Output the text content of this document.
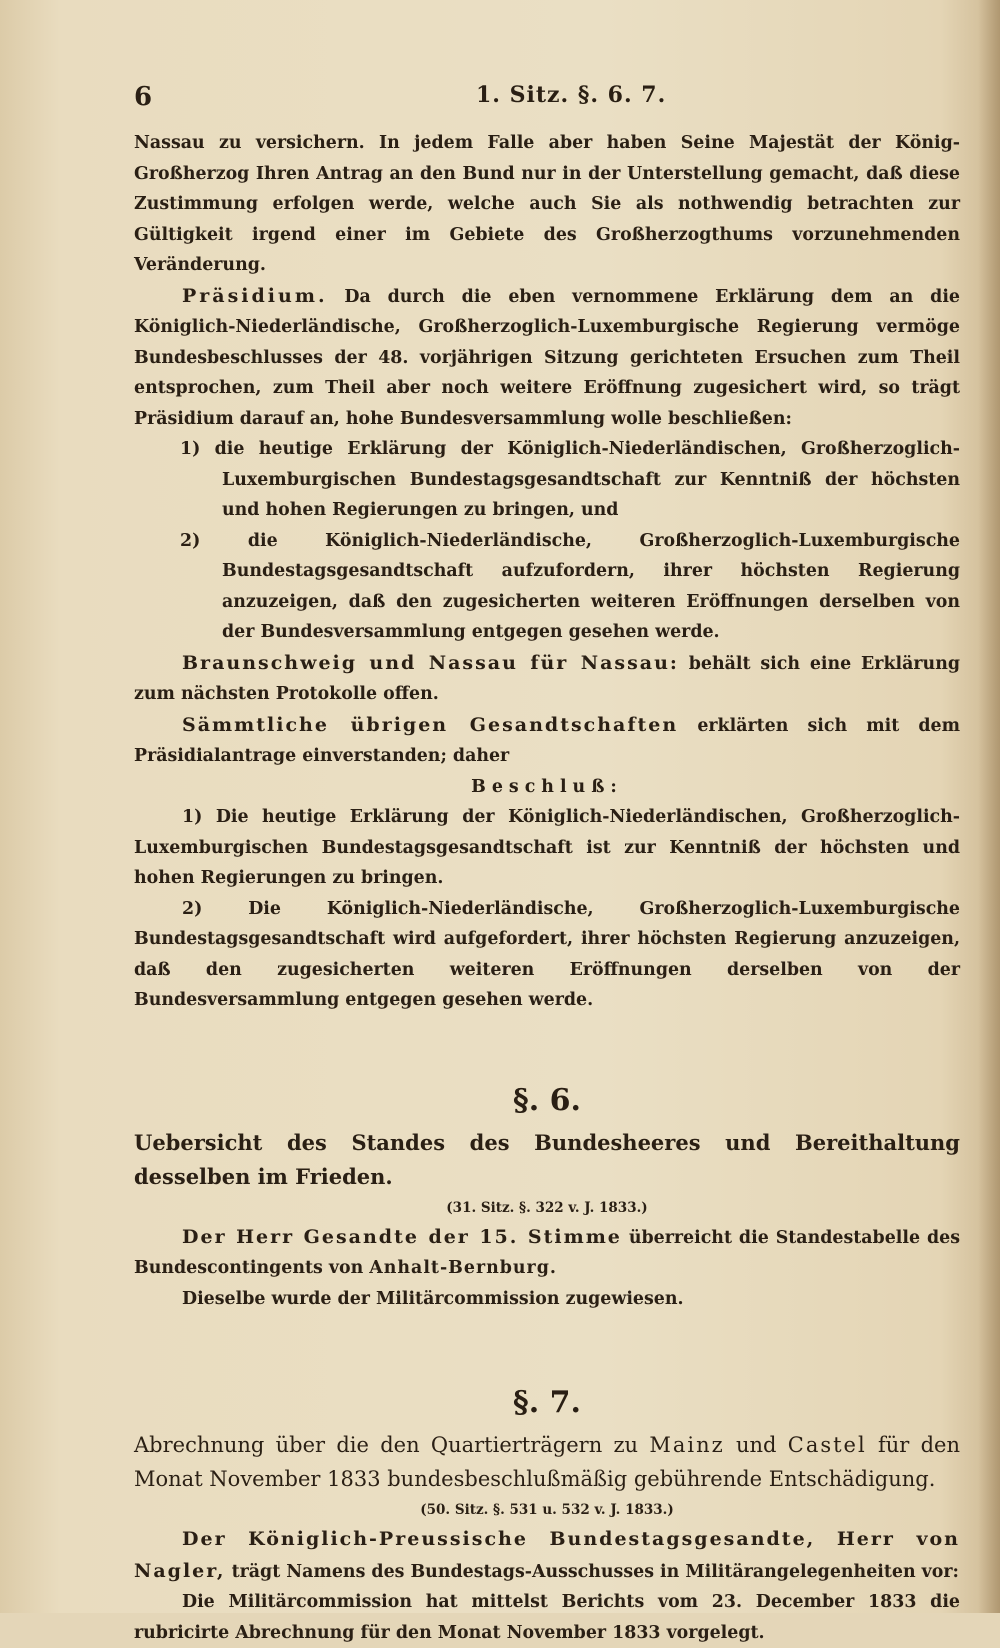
6	1. Sitz. §. 6. 7.

Nassau zu versichern. In jedem Falle aber haben Seine Majestät der König-Großherzog Ihren Antrag an den Bund nur in der Unterstellung gemacht, daß diese Zustimmung erfolgen werde, welche auch Sie als nothwendig betrachten zur Gültigkeit irgend einer im Gebiete des Großherzogthums vorzunehmenden Veränderung.

Präsidium. Da durch die eben vernommene Erklärung dem an die Königlich-Niederländische, Großherzoglich-Luxemburgische Regierung vermöge Bundesbeschlusses der 48. vorjährigen Sitzung gerichteten Ersuchen zum Theil entsprochen, zum Theil aber noch weitere Eröffnung zugesichert wird, so trägt Präsidium darauf an, hohe Bundesversammlung wolle beschließen:

1) die heutige Erklärung der Königlich-Niederländischen, Großherzoglich-Luxemburgischen Bundestagsgesandtschaft zur Kenntniß der höchsten und hohen Regierungen zu bringen, und

2) die Königlich-Niederländische, Großherzoglich-Luxemburgische Bundestagsgesandtschaft aufzufordern, ihrer höchsten Regierung anzuzeigen, daß den zugesicherten weiteren Eröffnungen derselben von der Bundesversammlung entgegen gesehen werde.

Braunschweig und Nassau für Nassau: behält sich eine Erklärung zum nächsten Protokolle offen.

Sämmtliche übrigen Gesandtschaften erklärten sich mit dem Präsidialantrage einverstanden; daher

Beschluß:

1) Die heutige Erklärung der Königlich-Niederländischen, Großherzoglich-Luxemburgischen Bundestagsgesandtschaft ist zur Kenntniß der höchsten und hohen Regierungen zu bringen.

2) Die Königlich-Niederländische, Großherzoglich-Luxemburgische Bundestagsgesandtschaft wird aufgefordert, ihrer höchsten Regierung anzuzeigen, daß den zugesicherten weiteren Eröffnungen derselben von der Bundesversammlung entgegen gesehen werde.

§. 6.

Uebersicht des Standes des Bundesheeres und Bereithaltung desselben im Frieden.

(31. Sitz. §. 322 v. J. 1833.)

Der Herr Gesandte der 15. Stimme überreicht die Standestabelle des Bundescontingents von Anhalt-Bernburg.

Dieselbe wurde der Militärcommission zugewiesen.

§. 7.

Abrechnung über die den Quartierträgern zu Mainz und Castel für den Monat November 1833 bundesbeschlußmäßig gebührende Entschädigung.

(50. Sitz. §. 531 u. 532 v. J. 1833.)

Der Königlich-Preussische Bundestagsgesandte, Herr von Nagler, trägt Namens des Bundestags-Ausschusses in Militärangelegenheiten vor:

Die Militärcommission hat mittelst Berichts vom 23. December 1833 die rubricirte Abrechnung für den Monat November 1833 vorgelegt.
